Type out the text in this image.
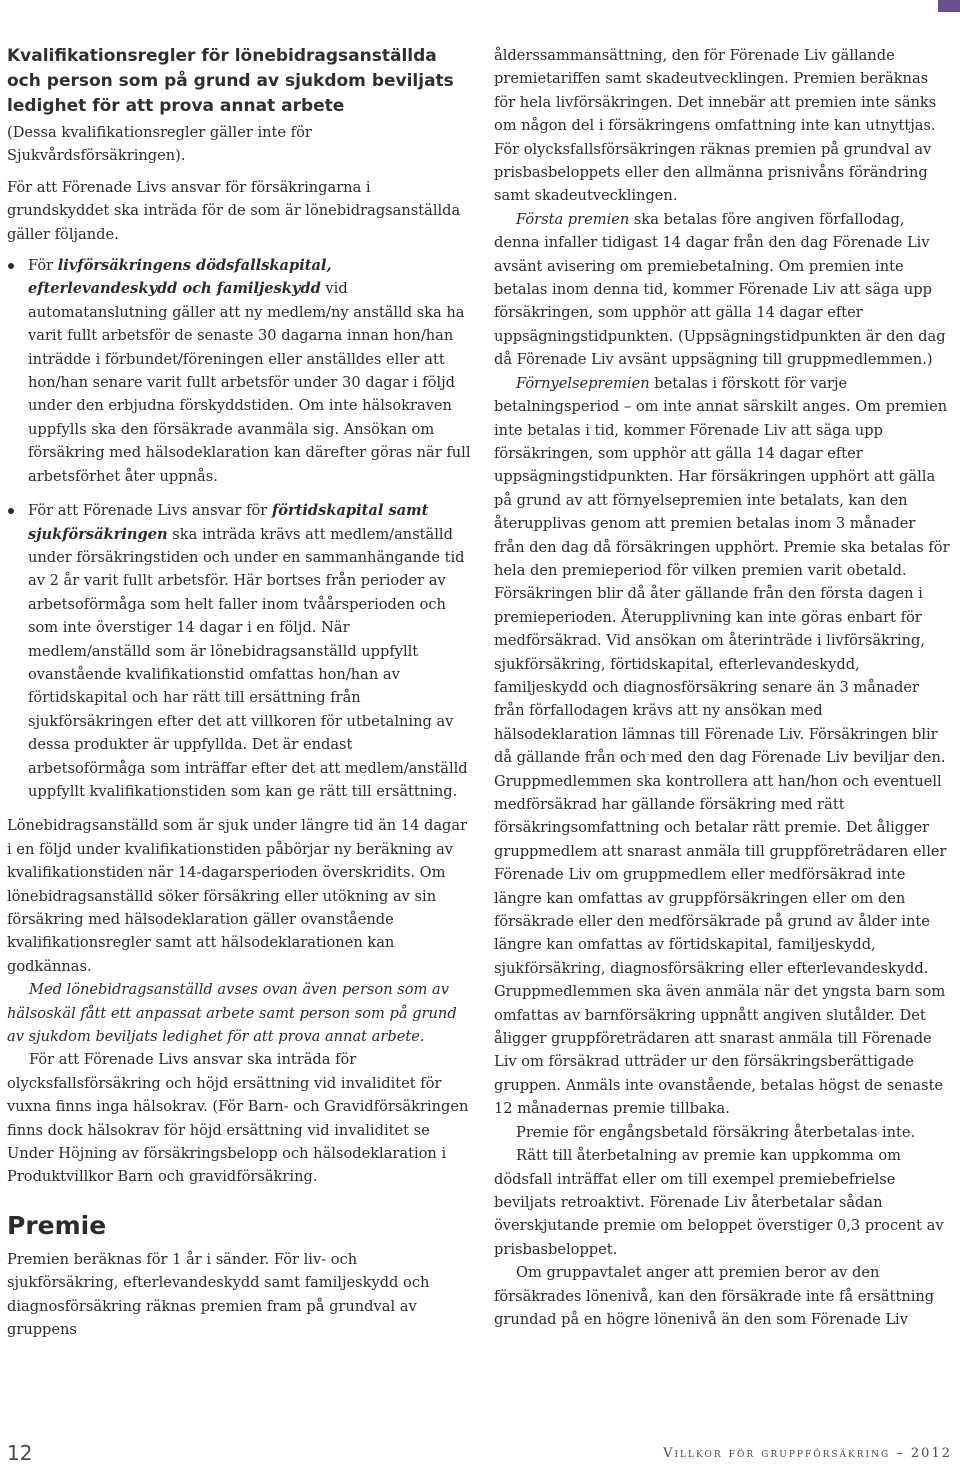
Kvalifikationsregler för lönebidragsanställda och person som på grund av sjukdom beviljats ledighet för att prova annat arbete

(Dessa kvalifikationsregler gäller inte för Sjukvårdsförsäkringen).

För att Förenade Livs ansvar för försäkringarna i grundskyddet ska inträda för de som är lönebidragsanställda gäller följande.

För livförsäkringens dödsfallskapital, efterlevandeskydd och familjeskydd vid automatanslutning gäller att ny medlem/ny anställd ska ha varit fullt arbetsför de senaste 30 dagarna innan hon/han inträdde i förbundet/föreningen eller anställdes eller att hon/han senare varit fullt arbetsför under 30 dagar i följd under den erbjudna förskyddstiden. Om inte hälsokraven uppfylls ska den försäkrade avanmäla sig. Ansökan om försäkring med hälsodeklaration kan därefter göras när full arbetsförhet åter uppnås.
För att Förenade Livs ansvar för förtidskapital samt sjukförsäkringen ska inträda krävs att medlem/anställd under försäkringstiden och under en sammanhängande tid av 2 år varit fullt arbetsför. Här bortses från perioder av arbetsoförmåga som helt faller inom tvåårsperioden och som inte överstiger 14 dagar i en följd. När medlem/anställd som är lönebidragsanställd uppfyllt ovanstående kvalifikationstid omfattas hon/han av förtidskapital och har rätt till ersättning från sjukförsäkringen efter det att villkoren för utbetalning av dessa produkter är uppfyllda. Det är endast arbetsoförmåga som inträffar efter det att medlem/anställd uppfyllt kvalifikationstiden som kan ge rätt till ersättning.

Lönebidragsanställd som är sjuk under längre tid än 14 dagar i en följd under kvalifikationstiden påbörjar ny beräkning av kvalifikationstiden när 14-dagarsperioden överskridits. Om lönebidragsanställd söker försäkring eller utökning av sin försäkring med hälsodeklaration gäller ovanstående kvalifikationsregler samt att hälsodeklarationen kan godkännas.

Med lönebidragsanställd avses ovan även person som av hälsoskäl fått ett anpassat arbete samt person som på grund av sjukdom beviljats ledighet för att prova annat arbete.

För att Förenade Livs ansvar ska inträda för olycksfallsförsäkring och höjd ersättning vid invaliditet för vuxna finns inga hälsokrav. (För Barn- och Gravidförsäkringen finns dock hälsokrav för höjd ersättning vid invaliditet se Under Höjning av försäkringsbelopp och hälsodeklaration i Produktvillkor Barn och gravidförsäkring.

Premie

Premien beräknas för 1 år i sänder. För liv- och sjukförsäkring, efterlevandeskydd samt familjeskydd och diagnosförsäkring räknas premien fram på grundval av gruppens

ålderssammansättning, den för Förenade Liv gällande premietariffen samt skadeutvecklingen. Premien beräknas för hela livförsäkringen. Det innebär att premien inte sänks om någon del i försäkringens omfattning inte kan utnyttjas. För olycksfallsförsäkringen räknas premien på grundval av prisbasbeloppets eller den allmänna prisnivåns förändring samt skadeutvecklingen.

Första premien ska betalas före angiven förfallodag, denna infaller tidigast 14 dagar från den dag Förenade Liv avsänt avisering om premiebetalning. Om premien inte betalas inom denna tid, kommer Förenade Liv att säga upp försäkringen, som upphör att gälla 14 dagar efter uppsägningstidpunkten. (Uppsägningstidpunkten är den dag då Förenade Liv avsänt uppsägning till gruppmedlemmen.)

Förnyelsepremien betalas i förskott för varje betalningsperiod – om inte annat särskilt anges. Om premien inte betalas i tid, kommer Förenade Liv att säga upp försäkringen, som upphör att gälla 14 dagar efter uppsägningstidpunkten. Har försäkringen upphört att gälla på grund av att förnyelsepremien inte betalats, kan den återupplivas genom att premien betalas inom 3 månader från den dag då försäkringen upphört. Premie ska betalas för hela den premieperiod för vilken premien varit obetald. Försäkringen blir då åter gällande från den första dagen i premieperioden. Återupplivning kan inte göras enbart för medförsäkrad. Vid ansökan om återinträde i livförsäkring, sjukförsäkring, förtidskapital, efterlevandeskydd, familjeskydd och diagnosförsäkring senare än 3 månader från förfallodagen krävs att ny ansökan med hälsodeklaration lämnas till Förenade Liv. Försäkringen blir då gällande från och med den dag Förenade Liv beviljar den. Gruppmedlemmen ska kontrollera att han/hon och eventuell medförsäkrad har gällande försäkring med rätt försäkringsomfattning och betalar rätt premie. Det åligger gruppmedlem att snarast anmäla till gruppföreträdaren eller Förenade Liv om gruppmedlem eller medförsäkrad inte längre kan omfattas av gruppförsäkringen eller om den försäkrade eller den medförsäkrade på grund av ålder inte längre kan omfattas av förtidskapital, familjeskydd, sjukförsäkring, diagnosförsäkring eller efterlevandeskydd. Gruppmedlemmen ska även anmäla när det yngsta barn som omfattas av barnförsäkring uppnått angiven slutålder. Det åligger gruppföreträdaren att snarast anmäla till Förenade Liv om försäkrad utträder ur den försäkringsberättigade gruppen. Anmäls inte ovanstående, betalas högst de senaste 12 månadernas premie tillbaka.

Premie för engångsbetald försäkring återbetalas inte.

Rätt till återbetalning av premie kan uppkomma om dödsfall inträffat eller om till exempel premiebefrielse beviljats retroaktivt. Förenade Liv återbetalar sådan överskjutande premie om beloppet överstiger 0,3 procent av prisbasbeloppet.

Om gruppavtalet anger att premien beror av den försäkrades lönenivå, kan den försäkrade inte få ersättning grundad på en högre lönenivå än den som Förenade Liv

12	Villkor för gruppförsäkring – 2012
